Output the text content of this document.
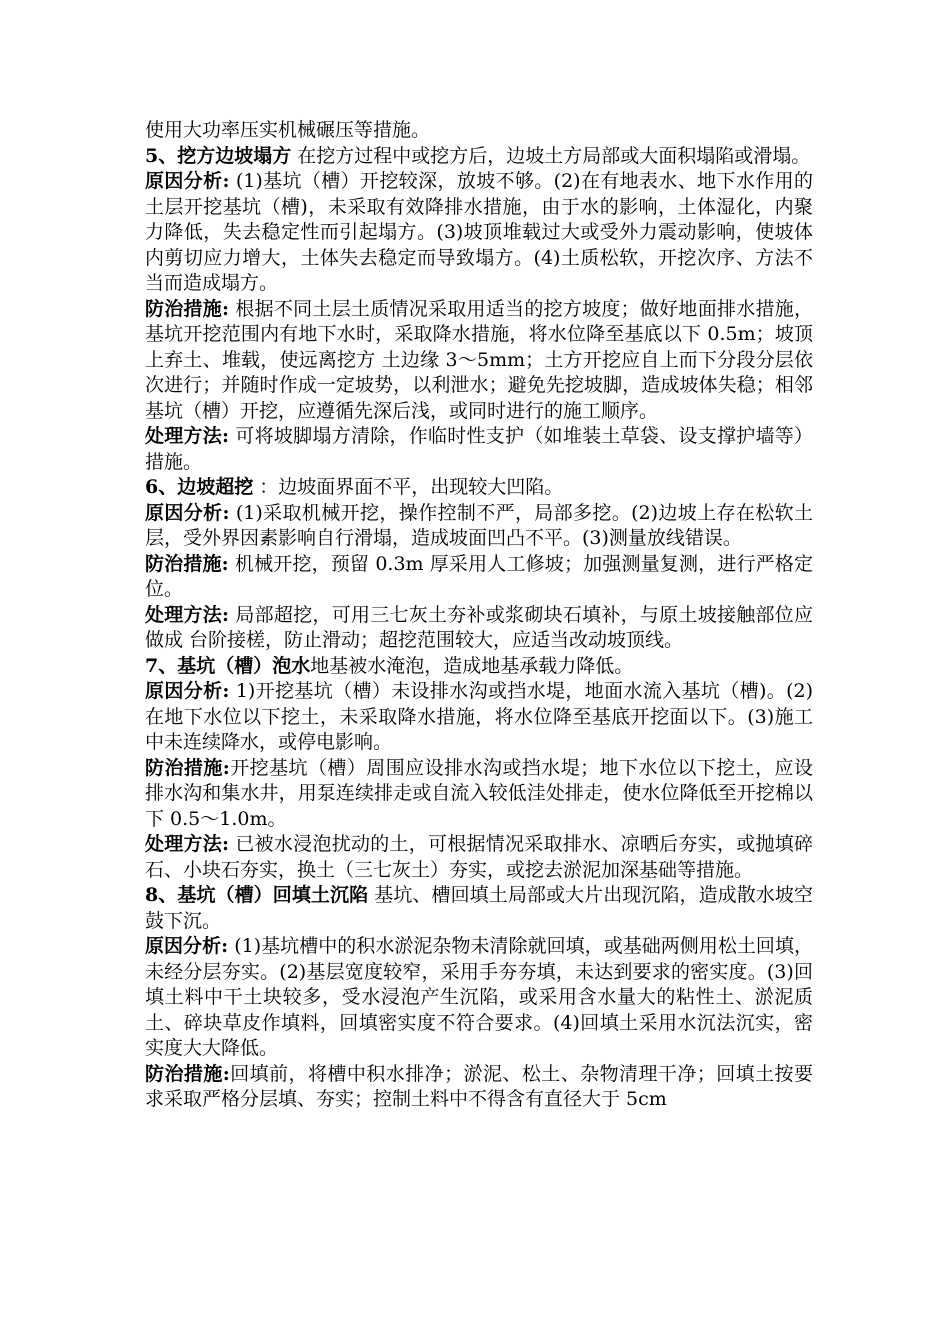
使用大功率压实机械碾压等措施。

5、挖方边坡塌方 在挖方过程中或挖方后，边坡土方局部或大面积塌陷或滑塌。

原因分析: (1)基坑（槽）开挖较深，放坡不够。(2)在有地表水、地下水作用的土层开挖基坑（槽)，未采取有效降排水措施，由于水的影响，土体湿化，内聚力降低，失去稳定性而引起塌方。(3)坡顶堆载过大或受外力震动影响，使坡体内剪切应力增大，土体失去稳定而导致塌方。(4)土质松软，开挖次序、方法不当而造成塌方。

防治措施: 根据不同土层土质情况采取用适当的挖方坡度；做好地面排水措施，基坑开挖范围内有地下水时，采取降水措施，将水位降至基底以下 0.5m；坡顶上弃土、堆载，使远离挖方 土边缘 3～5mm；土方开挖应自上而下分段分层依次进行；并随时作成一定坡势，以利泄水；避免先挖坡脚，造成坡体失稳；相邻基坑（槽）开挖，应遵循先深后浅，或同时进行的施工顺序。

处理方法: 可将坡脚塌方清除，作临时性支护（如堆装土草袋、设支撑护墙等）措施。

6、边坡超挖 ：边坡面界面不平，出现较大凹陷。

原因分析: (1)采取机械开挖，操作控制不严，局部多挖。(2)边坡上存在松软土层，受外界因素影响自行滑塌，造成坡面凹凸不平。(3)测量放线错误。

防治措施: 机械开挖，预留 0.3m 厚采用人工修坡；加强测量复测，进行严格定位。

处理方法: 局部超挖，可用三七灰土夯补或浆砌块石填补，与原土坡接触部位应做成 台阶接槎，防止滑动；超挖范围较大，应适当改动坡顶线。

7、基坑（槽）泡水地基被水淹泡，造成地基承载力降低。

原因分析: 1)开挖基坑（槽）未设排水沟或挡水堤，地面水流入基坑（槽)。(2)在地下水位以下挖土，未采取降水措施，将水位降至基底开挖面以下。(3)施工中未连续降水，或停电影响。

防治措施:开挖基坑（槽）周围应设排水沟或挡水堤；地下水位以下挖土，应设排水沟和集水井，用泵连续排走或自流入较低洼处排走，使水位降低至开挖棉以下 0.5～1.0m。

处理方法: 已被水浸泡扰动的土，可根据情况采取排水、凉晒后夯实，或抛填碎石、小块石夯实，换土（三七灰土）夯实，或挖去淤泥加深基础等措施。

8、基坑（槽）回填土沉陷 基坑、槽回填土局部或大片出现沉陷，造成散水坡空鼓下沉。

原因分析: (1)基坑槽中的积水淤泥杂物未清除就回填，或基础两侧用松土回填，未经分层夯实。(2)基层宽度较窄，采用手夯夯填，未达到要求的密实度。(3)回填土料中干土块较多，受水浸泡产生沉陷，或采用含水量大的粘性土、淤泥质土、碎块草皮作填料，回填密实度不符合要求。(4)回填土采用水沉法沉实，密实度大大降低。

防治措施:回填前，将槽中积水排净；淤泥、松土、杂物清理干净；回填土按要求采取严格分层填、夯实；控制土料中不得含有直径大于 5cm
